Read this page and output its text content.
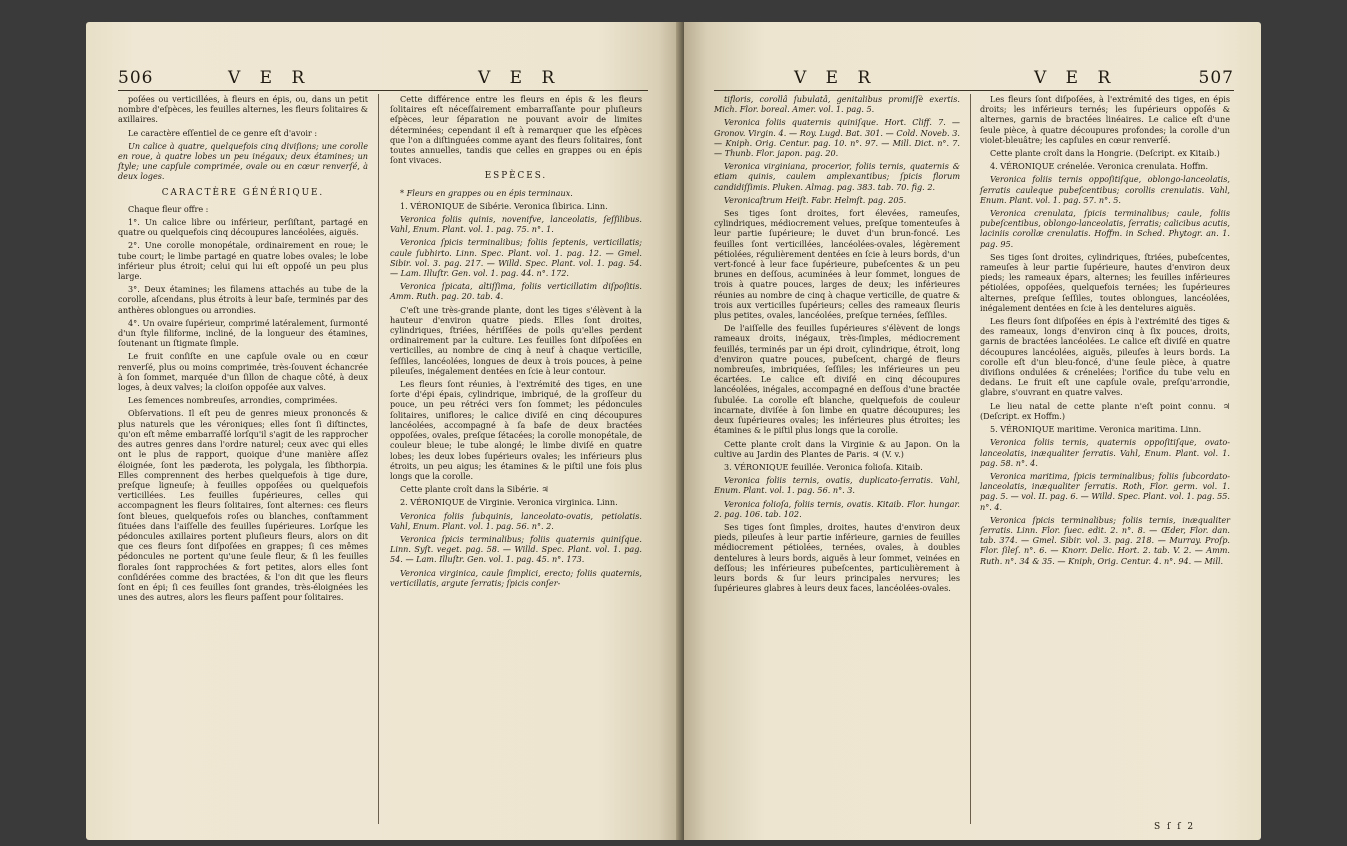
506	V E R	V E R

poſées ou verticillées, à fleurs en épis, ou, dans un petit nombre d'eſpèces, les feuilles alternes, les fleurs ſolitaires & axillaires.

Le caractère eſſentiel de ce genre eſt d'avoir :

Un calice à quatre, quelquefois cinq diviſions; une corolle en roue, à quatre lobes un peu inégaux; deux étamines; un ſtyle; une capſule comprimée, ovale ou en cœur renverſé, à deux loges.

CARACTÈRE GÉNÉRIQUE.

Chaque fleur offre :

1°. Un calice libre ou inférieur, perſiſtant, partagé en quatre ou quelquefois cinq découpures lancéolées, aiguës.

2°. Une corolle monopétale, ordinairement en roue; le tube court; le limbe partagé en quatre lobes ovales; le lobe inférieur plus étroit; celui qui lui eſt oppoſé un peu plus large.

3°. Deux étamines; les filamens attachés au tube de la corolle, aſcendans, plus étroits à leur baſe, terminés par des anthères oblongues ou arrondies.

4°. Un ovaire ſupérieur, comprimé latéralement, ſurmonté d'un ſtyle filiforme, incliné, de la longueur des étamines, ſoutenant un ſtigmate ſimple.

Le fruit conſiſte en une capſule ovale ou en cœur renverſé, plus ou moins comprimée, très-ſouvent échancrée à ſon ſommet, marquée d'un ſillon de chaque côté, à deux loges, à deux valves; la cloiſon oppoſée aux valves.

Les ſemences nombreuſes, arrondies, comprimées.

Obſervations. Il eſt peu de genres mieux prononcés & plus naturels que les véroniques; elles ſont ſi diſtinctes, qu'on eſt même embarraſſé lorſqu'il s'agit de les rapprocher des autres genres dans l'ordre naturel; ceux avec qui elles ont le plus de rapport, quoique d'une manière aſſez éloignée, ſont les pæderota, les polygala, les ſibthorpia. Elles comprennent des herbes quelquefois à tige dure, preſque ligneuſe; à feuilles oppoſées ou quelquefois verticillées. Les feuilles ſupérieures, celles qui accompagnent les fleurs ſolitaires, ſont alternes: ces fleurs ſont bleues, quelquefois roſes ou blanches, conſtamment ſituées dans l'aiſſelle des feuilles ſupérieures. Lorſque les pédoncules axillaires portent pluſieurs fleurs, alors on dit que ces fleurs ſont diſpoſées en grappes; ſi ces mêmes pédoncules ne portent qu'une ſeule fleur, & ſi les feuilles florales ſont rapprochées & fort petites, alors elles ſont conſidérées comme des bractées, & l'on dit que les fleurs ſont en épi; ſi ces feuilles ſont grandes, très-éloignées les unes des autres, alors les fleurs paſſent pour ſolitaires.

Cette différence entre les fleurs en épis & les fleurs ſolitaires eſt néceſſairement embarraſſante pour pluſieurs eſpèces, leur ſéparation ne pouvant avoir de limites déterminées; cependant il eſt à remarquer que les eſpèces que l'on a diſtinguées comme ayant des fleurs ſolitaires, ſont toutes annuelles, tandis que celles en grappes ou en épis ſont vivaces.

ESPÈCES.

* Fleurs en grappes ou en épis terminaux.

1. VÉRONIQUE de Sibérie. Veronica ſibirica. Linn.

Veronica foliis quinis, novenifve, lanceolatis, ſeſſilibus. Vahl, Enum. Plant. vol. 1. pag. 75. n°. 1.

Veronica ſpicis terminalibus; foliis ſeptenis, verticillatis; caule ſubhirto. Linn. Spec. Plant. vol. 1. pag. 12. — Gmel. Sibir. vol. 3. pag. 217. — Willd. Spec. Plant. vol. 1. pag. 54. — Lam. Illuſtr. Gen. vol. 1. pag. 44. n°. 172.

Veronica ſpicata, altiſſima, foliis verticillatim diſpoſitis. Amm. Ruth. pag. 20. tab. 4.

C'eſt une très-grande plante, dont les tiges s'élèvent à la hauteur d'environ quatre pieds. Elles ſont droites, cylindriques, ſtriées, hériſſées de poils qu'elles perdent ordinairement par la culture. Les feuilles ſont diſpoſées en verticilles, au nombre de cinq à neuf à chaque verticille, ſeſſiles, lancéolées, longues de deux à trois pouces, à peine pileuſes, inégalement dentées en ſcie à leur contour.

Les fleurs ſont réunies, à l'extrémité des tiges, en une ſorte d'épi épais, cylindrique, imbriqué, de la groſſeur du pouce, un peu rétréci vers ſon ſommet; les pédoncules ſolitaires, uniflores; le calice diviſé en cinq découpures lancéolées, accompagné à ſa baſe de deux bractées oppoſées, ovales, preſque ſétacées; la corolle monopétale, de couleur bleue; le tube alongé; le limbe diviſé en quatre lobes; les deux lobes ſupérieurs ovales; les inférieurs plus étroits, un peu aigus; les étamines & le piſtil une fois plus longs que la corolle.

Cette plante croît dans la Sibérie. ♃

2. VÉRONIQUE de Virginie. Veronica virginica. Linn.

Veronica foliis ſubquinis, lanceolato-ovatis, petiolatis. Vahl, Enum. Plant. vol. 1. pag. 56. n°. 2.

Veronica ſpicis terminalibus; foliis quaternis quiniſque. Linn. Syſt. veget. pag. 58. — Willd. Spec. Plant. vol. 1. pag. 54. — Lam. Illuſtr. Gen. vol. 1. pag. 45. n°. 173.

Veronica virginica, caule ſimplici, erecto; foliis quaternis, verticillatis, argute ſerratis; ſpicis conſer-

V E R	V E R	507

tifloris, corollâ ſubulatâ, genitalibus promiſſè exertis. Mich. Flor. boreal. Amer. vol. 1. pag. 5.

Veronica foliis quaternis quiniſque. Hort. Cliff. 7. — Gronov. Virgin. 4. — Roy. Lugd. Bat. 301. — Cold. Noveb. 3. — Kniph. Orig. Centur. pag. 10. n°. 97. — Mill. Dict. n°. 7. — Thunb. Flor. japon. pag. 20.

Veronica virginiana, procerior, foliis ternis, quaternis & etiam quinis, caulem amplexantibus; ſpicis florum candidiſſimis. Pluken. Almag. pag. 383. tab. 70. fig. 2.

Veronicaſtrum Heiſt. Fabr. Helmſt. pag. 205.

Ses tiges ſont droites, fort élevées, rameuſes, cylindriques, médiocrement velues, preſque tomenteuſes à leur partie ſupérieure; le duvet d'un brun-foncé. Les feuilles ſont verticillées, lancéolées-ovales, légèrement pétiolées, régulièrement dentées en ſcie à leurs bords, d'un vert-foncé à leur face ſupérieure, pubeſcentes & un peu brunes en deſſous, acuminées à leur ſommet, longues de trois à quatre pouces, larges de deux; les inférieures réunies au nombre de cinq à chaque verticille, de quatre & trois aux verticilles ſupérieurs; celles des rameaux ſleuris plus petites, ovales, lancéolées, preſque ternées, ſeſſiles.

De l'aiſſelle des feuilles ſupérieures s'élèvent de longs rameaux droits, inégaux, très-ſimples, médiocrement feuillés, terminés par un épi droit, cylindrique, étroit, long d'environ quatre pouces, pubeſcent, chargé de fleurs nombreuſes, imbriquées, ſeſſiles; les inférieures un peu écartées. Le calice eſt diviſé en cinq découpures lancéolées, inégales, accompagné en deſſous d'une bractée ſubulée. La corolle eſt blanche, quelquefois de couleur incarnate, diviſée à ſon limbe en quatre découpures; les deux ſupérieures ovales; les inférieures plus étroites; les étamines & le piſtil plus longs que la corolle.

Cette plante croît dans la Virginie & au Japon. On la cultive au Jardin des Plantes de Paris. ♃ (V. v.)

3. VÉRONIQUE feuillée. Veronica folioſa. Kitaib.

Veronica foliis ternis, ovatis, duplicato-ſerratis. Vahl, Enum. Plant. vol. 1. pag. 56. n°. 3.

Veronica folioſa, foliis ternis, ovatis. Kitaib. Flor. hungar. 2. pag. 106. tab. 102.

Ses tiges ſont ſimples, droites, hautes d'environ deux pieds, pileuſes à leur partie inférieure, garnies de feuilles médiocrement pétiolées, ternées, ovales, à doubles dentelures à leurs bords, aiguës à leur ſommet, veinées en deſſous; les inférieures pubeſcentes, particulièrement à leurs bords & ſur leurs principales nervures; les ſupérieures glabres à leurs deux faces, lancéolées-ovales.

Les fleurs ſont diſpoſées, à l'extrémité des tiges, en épis droits; les inférieurs ternés; les ſupérieurs oppoſés & alternes, garnis de bractées linéaires. Le calice eſt d'une ſeule pièce, à quatre découpures profondes; la corolle d'un violet-bleuâtre; les capſules en cœur renverſé.

Cette plante croît dans la Hongrie. (Deſcript. ex Kitaib.)

4. VÉRONIQUE crénelée. Veronica crenulata. Hoffm.

Veronica foliis ternis oppoſitiſque, oblongo-lanceolatis, ſerratis cauleque pubeſcentibus; corollis crenulatis. Vahl, Enum. Plant. vol. 1. pag. 57. n°. 5.

Veronica crenulata, ſpicis terminalibus; caule, foliis pubeſcentibus, oblongo-lanceolatis, ſerratis; calicibus acutis, laciniis corollæ crenulatis. Hoffm. in Sched. Phytogr. an. 1. pag. 95.

Ses tiges ſont droites, cylindriques, ſtriées, pubeſcentes, rameuſes à leur partie ſupérieure, hautes d'environ deux pieds; les rameaux épars, alternes; les feuilles inférieures pétiolées, oppoſées, quelquefois ternées; les ſupérieures alternes, preſque ſeſſiles, toutes oblongues, lancéolées, inégalement dentées en ſcie à les dentelures aiguës.

Les fleurs ſont diſpoſées en épis à l'extrémité des tiges & des rameaux, longs d'environ cinq à ſix pouces, droits, garnis de bractées lancéolées. Le calice eſt diviſé en quatre découpures lancéolées, aiguës, pileuſes à leurs bords. La corolle eſt d'un bleu-foncé, d'une ſeule pièce, à quatre diviſions ondulées & crénelées; l'orifice du tube velu en dedans. Le fruit eſt une capſule ovale, preſqu'arrondie, glabre, s'ouvrant en quatre valves.

Le lieu natal de cette plante n'eſt point connu. ♃ (Deſcript. ex Hoffm.)

5. VÉRONIQUE maritime. Veronica maritima. Linn.

Veronica foliis ternis, quaternis oppoſitiſque, ovato-lanceolatis, inæqualiter ſerratis. Vahl, Enum. Plant. vol. 1. pag. 58. n°. 4.

Veronica maritima, ſpicis terminalibus; foliis ſubcordato-lanceolatis, inæqualiter ſerratis. Roth, Flor. germ. vol. 1. pag. 5. — vol. II. pag. 6. — Willd. Spec. Plant. vol. 1. pag. 55. n°. 4.

Veronica ſpicis terminalibus; foliis ternis, inæqualiter ſerratis. Linn. Flor. ſuec. edit. 2. n°. 8. — Œder, Flor. dan. tab. 374. — Gmel. Sibir. vol. 3. pag. 218. — Murray. Proſp. Flor. ſileſ. n°. 6. — Knorr. Delic. Hort. 2. tab. V. 2. — Amm. Ruth. n°. 34 & 35. — Kniph, Orig. Centur. 4. n°. 94. — Mill.

S ſ ſ 2
